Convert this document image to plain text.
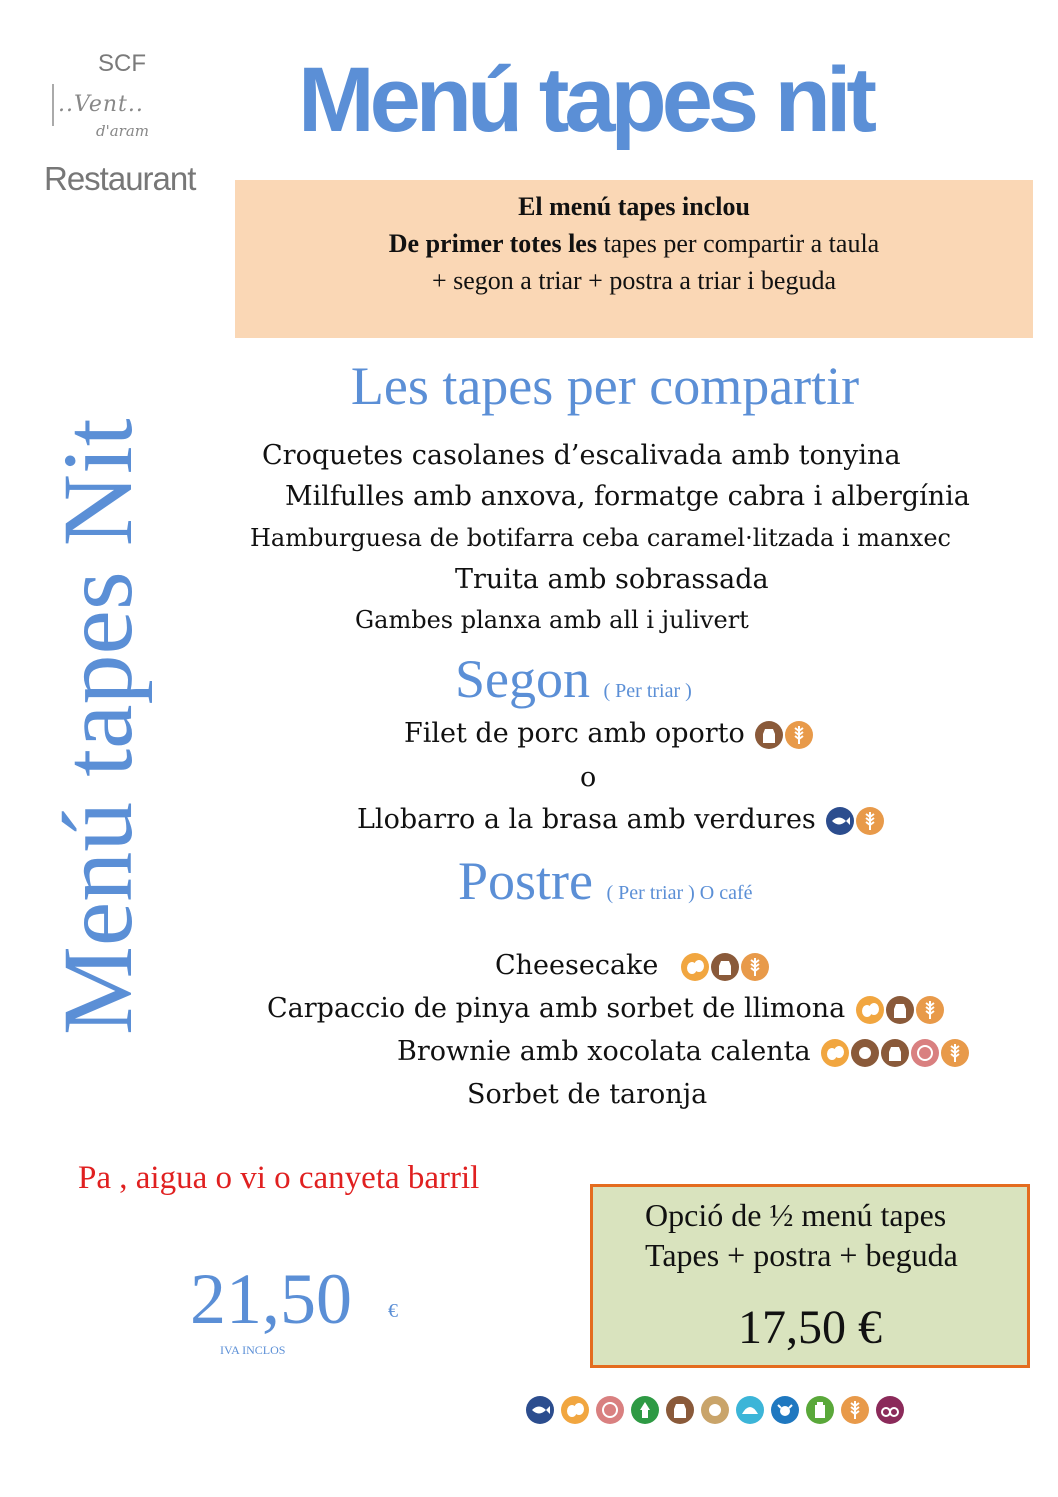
SCF
..Vent..
d'aram
Restaurant
Menú tapes nit
El menú tapes inclou
De primer totes les tapes per compartir a taula
+ segon a triar + postra a triar i beguda
Menú tapes Nit
Les tapes per compartir
Croquetes casolanes d’escalivada amb tonyina
Milfulles amb anxova, formatge cabra i albergínia
Hamburguesa de botifarra ceba caramel·litzada i manxec
Truita amb sobrassada
Gambes planxa amb all i julivert
Segon ( Per triar )
Filet de porc amb oporto
o
Llobarro a la brasa amb verdures
Postre ( Per triar ) O café
Cheesecake
Carpaccio de pinya amb sorbet de llimona
Brownie amb xocolata calenta
Sorbet de taronja
Pa , aigua o vi o canyeta barril
21,50 €
IVA INCLOS
Opció de ½ menú tapes
Tapes + postra + beguda
17,50 €
